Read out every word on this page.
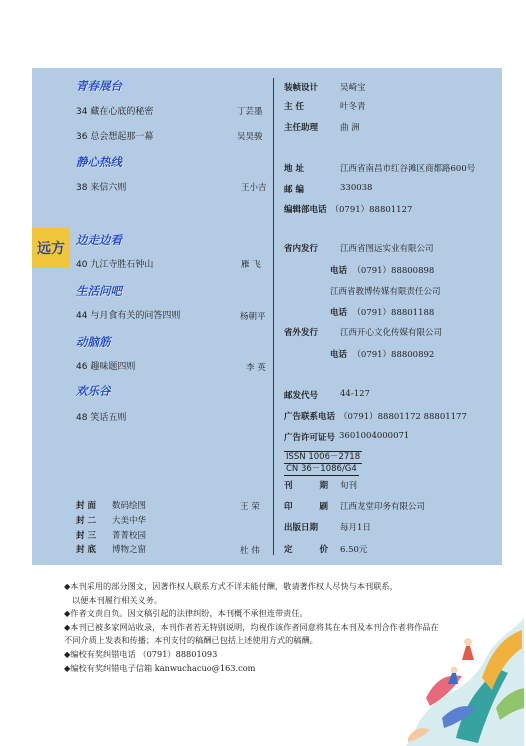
远方
青春展台
34 藏在心底的秘密	丁芸墨
36 总会想起那一幕	吴昊骏
静心热线
38 来信六则	王小吉
边走边看
40 九江寺胜石钟山	雁 飞
生活问吧
44 与月食有关的问答四则	杨朝平
动脑筋
46 趣味题四则	李 英
欢乐谷
48 笑话五则
封面	数码绘图	王 荣
封二	大美中华
封三	菁菁校园
封底	博物之窗	杜 伟
装帧设计	吴崎宝
主 任	叶冬青
主任助理	曲 洲
地 址	江西省南昌市红谷滩区商都路600号
邮 编	330038
编辑部电话 （0791）88801127
省内发行	江西省图远实业有限公司
电话 （0791）88800898
江西省教博传媒有限责任公司
电话 （0791）88801188
省外发行	江西开心文化传媒有限公司
电话 （0791）88800892
邮发代号	44-127
广告联系电话 （0791）88801172 88801177
广告许可证号 3601004000071
ISSN 1006－2718
CN 36－1086/G4
刊 期 旬刊
印 刷 江西龙堂印务有限公司
出版日期	每月1日
定 价 6.50元
◆本刊采用的部分图文，因著作权人联系方式不详未能付酬，敬请著作权人尽快与本刊联系，
以便本刊履行相关义务。
◆作者文责自负。因文稿引起的法律纠纷，本刊概不承担连带责任。
◆本刊已被多家网站收录，本刊作者若无特别说明，均视作该作者同意将其在本刊及本刊合作者将作品在
不同介质上发表和传播；本刊支付的稿酬已包括上述使用方式的稿酬。
◆编校有奖纠错电话 （0791）88801093
◆编校有奖纠错电子信箱 kanwuchacuo@163.com
